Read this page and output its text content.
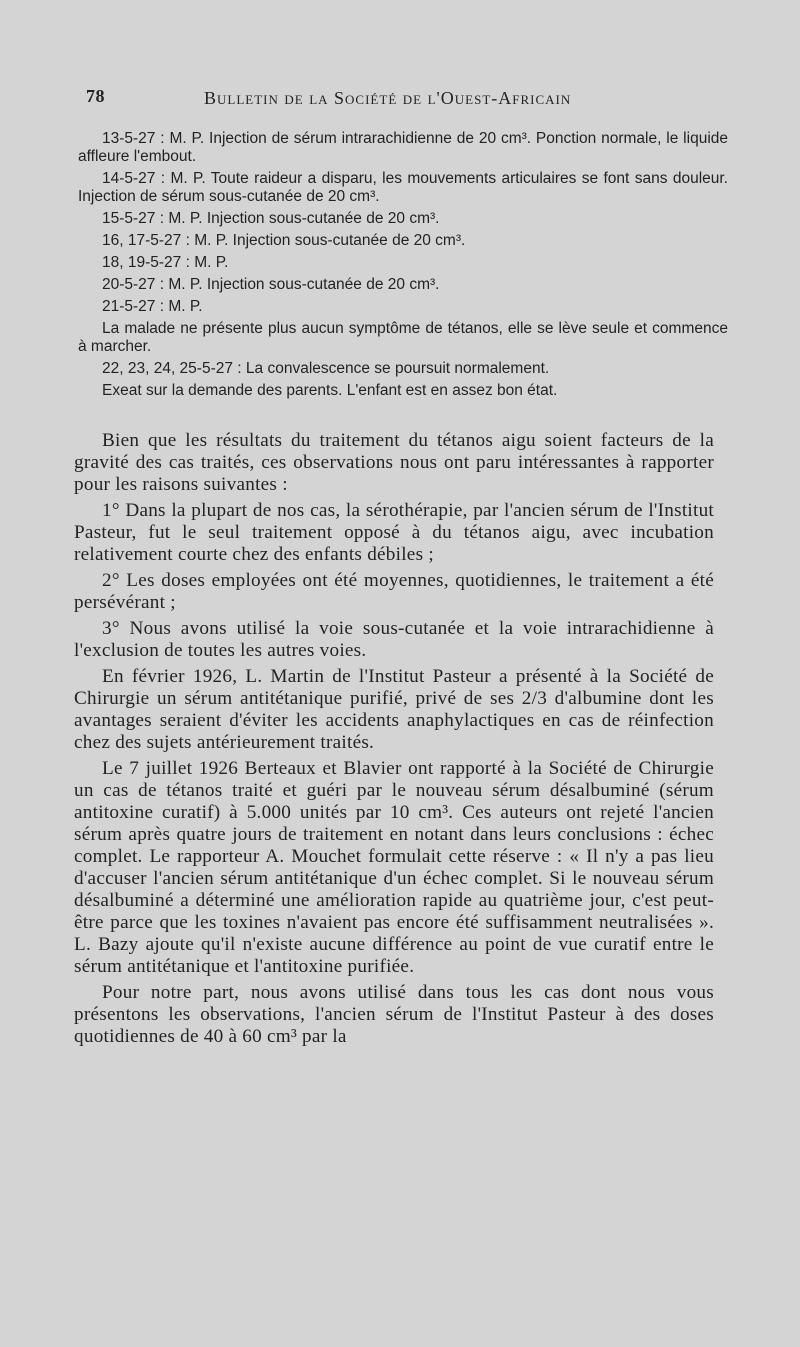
78	Bulletin de la Société de l'Ouest-Africain

13-5-27 : M. P. Injection de sérum intrarachidienne de 20 cm³. Ponction normale, le liquide affleure l'embout.

14-5-27 : M. P. Toute raideur a disparu, les mouvements articulaires se font sans douleur. Injection de sérum sous-cutanée de 20 cm³.

15-5-27 : M. P. Injection sous-cutanée de 20 cm³.

16, 17-5-27 : M. P. Injection sous-cutanée de 20 cm³.

18, 19-5-27 : M. P.

20-5-27 : M. P. Injection sous-cutanée de 20 cm³.

21-5-27 : M. P.

La malade ne présente plus aucun symptôme de tétanos, elle se lève seule et commence à marcher.

22, 23, 24, 25-5-27 : La convalescence se poursuit normalement.

Exeat sur la demande des parents. L'enfant est en assez bon état.

Bien que les résultats du traitement du tétanos aigu soient facteurs de la gravité des cas traités, ces observations nous ont paru intéressantes à rapporter pour les raisons suivantes :

1° Dans la plupart de nos cas, la sérothérapie, par l'ancien sérum de l'Institut Pasteur, fut le seul traitement opposé à du tétanos aigu, avec incubation relativement courte chez des enfants débiles ;

2° Les doses employées ont été moyennes, quotidiennes, le traitement a été persévérant ;

3° Nous avons utilisé la voie sous-cutanée et la voie intrarachidienne à l'exclusion de toutes les autres voies.

En février 1926, L. Martin de l'Institut Pasteur a présenté à la Société de Chirurgie un sérum antitétanique purifié, privé de ses 2/3 d'albumine dont les avantages seraient d'éviter les accidents anaphylactiques en cas de réinfection chez des sujets antérieurement traités.

Le 7 juillet 1926 Berteaux et Blavier ont rapporté à la Société de Chirurgie un cas de tétanos traité et guéri par le nouveau sérum désalbuminé (sérum antitoxine curatif) à 5.000 unités par 10 cm³. Ces auteurs ont rejeté l'ancien sérum après quatre jours de traitement en notant dans leurs conclusions : échec complet. Le rapporteur A. Mouchet formulait cette réserve : « Il n'y a pas lieu d'accuser l'ancien sérum antitétanique d'un échec complet. Si le nouveau sérum désalbuminé a déterminé une amélioration rapide au quatrième jour, c'est peut-être parce que les toxines n'avaient pas encore été suffisamment neutralisées ». L. Bazy ajoute qu'il n'existe aucune différence au point de vue curatif entre le sérum antitétanique et l'antitoxine purifiée.

Pour notre part, nous avons utilisé dans tous les cas dont nous vous présentons les observations, l'ancien sérum de l'Institut Pasteur à des doses quotidiennes de 40 à 60 cm³ par la
